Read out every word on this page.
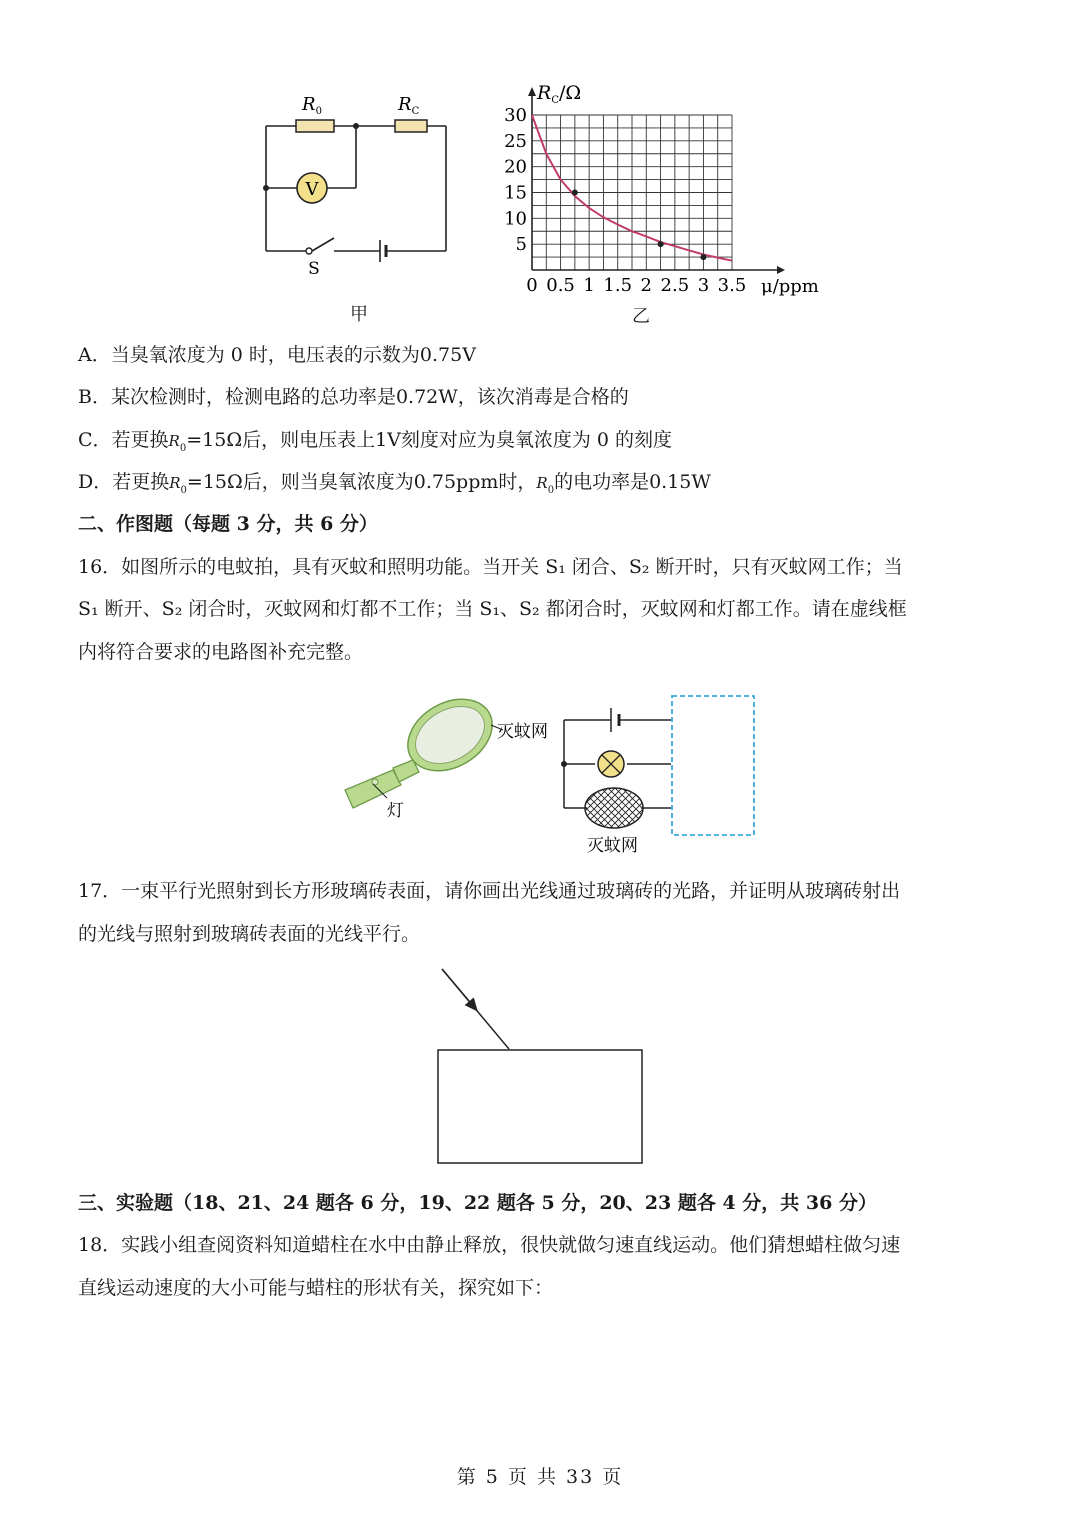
V
S
$R_0$	$R_C$
甲
0 0.5 1 1.5 2 2.5 3 3.5
5
10
15
20
25
30
$R_C/\Omega$
μ/ppm
乙
A．当臭氧浓度为 0 时，电压表的示数为0.75V
B．某次检测时，检测电路的总功率是0.72W，该次消毒是合格的
C．若更换$R_0=15\Omega$后，则电压表上1V刻度对应为臭氧浓度为 0 的刻度
D．若更换$R_0=15\Omega$后，则当臭氧浓度为0.75ppm时，$R_0$的电功率是0.15W
二、作图题（每题 3 分，共 6 分）
16．如图所示的电蚊拍，具有灭蚊和照明功能。当开关 S₁ 闭合、S₂ 断开时，只有灭蚊网工作；当
S₁ 断开、S₂ 闭合时，灭蚊网和灯都不工作；当 S₁、S₂ 都闭合时，灭蚊网和灯都工作。请在虚线框
内将符合要求的电路图补充完整。
灭蚊网
灯
灭蚊网
17．一束平行光照射到长方形玻璃砖表面，请你画出光线通过玻璃砖的光路，并证明从玻璃砖射出
的光线与照射到玻璃砖表面的光线平行。
三、实验题（18、21、24 题各 6 分，19、22 题各 5 分，20、23 题各 4 分，共 36 分）
18．实践小组查阅资料知道蜡柱在水中由静止释放，很快就做匀速直线运动。他们猜想蜡柱做匀速
直线运动速度的大小可能与蜡柱的形状有关，探究如下：
第 5 页 共 33 页
